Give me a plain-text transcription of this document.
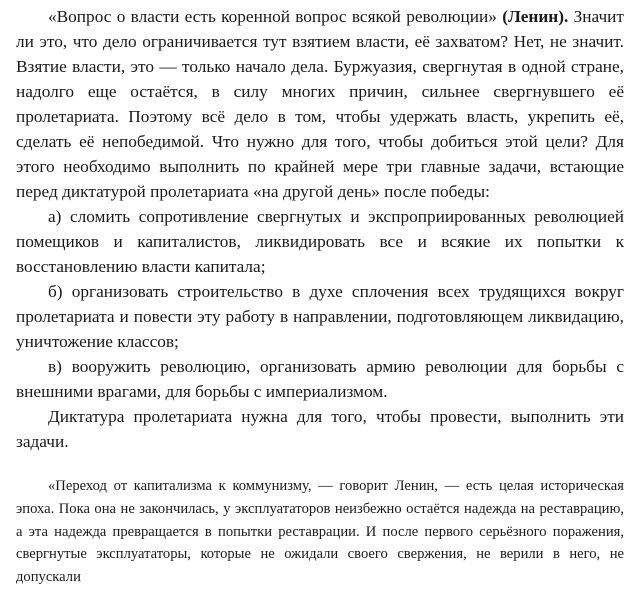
«Вопрос о власти есть коренной вопрос всякой революции» (Ленин). Значит ли это, что дело ограничивается тут взятием власти, её захватом? Нет, не значит. Взятие власти, это — только начало дела. Буржуазия, свергнутая в одной стране, надолго еще остаётся, в силу многих причин, сильнее свергнувшего её пролетариата. Поэтому всё дело в том, чтобы удержать власть, укрепить её, сделать её непобедимой. Что нужно для того, чтобы добиться этой цели? Для этого необходимо выполнить по крайней мере три главные задачи, встающие перед диктатурой пролетариата «на другой день» после победы:

а) сломить сопротивление свергнутых и экспроприированных революцией помещиков и капиталистов, ликвидировать все и всякие их попытки к восстановлению власти капитала;

б) организовать строительство в духе сплочения всех трудящихся вокруг пролетариата и повести эту работу в направлении, подготовляющем ликвидацию, уничтожение классов;

в) вооружить революцию, организовать армию революции для борьбы с внешними врагами, для борьбы с империализмом.

Диктатура пролетариата нужна для того, чтобы провести, выполнить эти задачи.

«Переход от капитализма к коммунизму, — говорит Ленин, — есть целая историческая эпоха. Пока она не закончилась, у эксплуататоров неизбежно остаётся надежда на реставрацию, а эта надежда превращается в попытки реставрации. И после первого серьёзного поражения, свергнутые эксплуататоры, которые не ожидали своего свержения, не верили в него, не допускали
